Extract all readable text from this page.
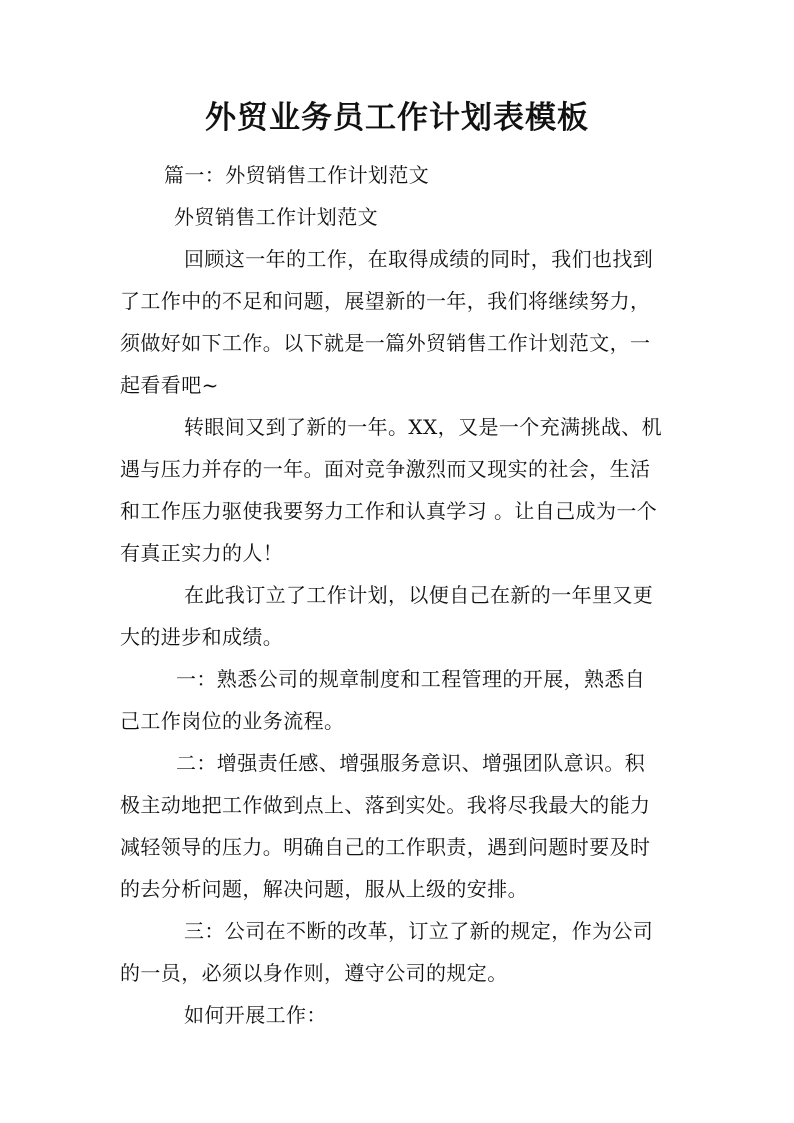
外贸业务员工作计划表模板
篇一：外贸销售工作计划范文
外贸销售工作计划范文
回顾这一年的工作，在取得成绩的同时，我们也找到
了工作中的不足和问题，展望新的一年，我们将继续努力，
须做好如下工作。以下就是一篇外贸销售工作计划范文，一
起看看吧~
转眼间又到了新的一年。XX，又是一个充满挑战、机
遇与压力并存的一年。面对竞争激烈而又现实的社会，生活
和工作压力驱使我要努力工作和认真学习 。让自己成为一个
有真正实力的人！
在此我订立了工作计划，以便自己在新的一年里又更
大的进步和成绩。
一：熟悉公司的规章制度和工程管理的开展，熟悉自
己工作岗位的业务流程。
二：增强责任感、增强服务意识、增强团队意识。积
极主动地把工作做到点上、落到实处。我将尽我最大的能力
减轻领导的压力。明确自己的工作职责，遇到问题时要及时
的去分析问题，解决问题，服从上级的安排。
三：公司在不断的改革，订立了新的规定，作为公司
的一员，必须以身作则，遵守公司的规定。
如何开展工作：
